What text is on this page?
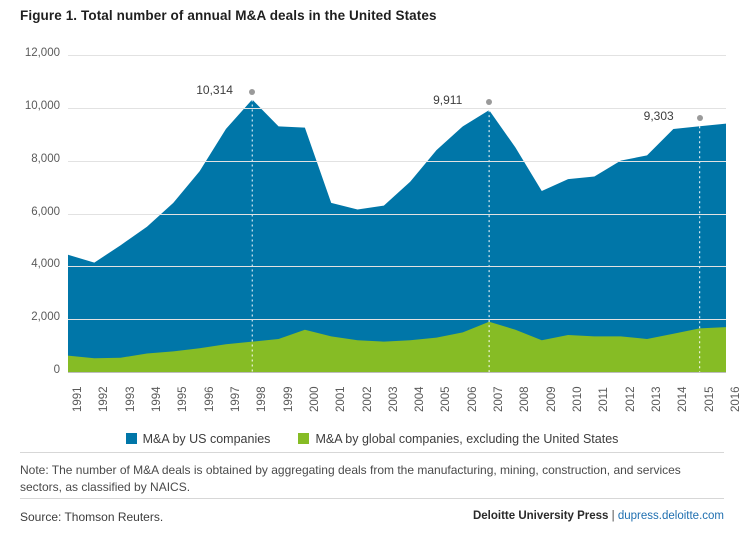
Figure 1. Total number of annual M&A deals in the United States
0
2,000
4,000
6,000
8,000
10,000
12,000
1991 1992 1993 1994 1995 1996 1997 1998 1999 2000 2001 2002 2003 2004 2005 2006 2007 2008 2009 2010 2011 2012 2013 2014 2015 2016
10,314
9,911
9,303
M&A by US companies	M&A by global companies, excluding the United States
Note: The number of M&A deals is obtained by aggregating deals from the manufacturing, mining, construction, and services sectors, as classified by NAICS.
Source: Thomson Reuters.	Deloitte University Press | dupress.deloitte.com
